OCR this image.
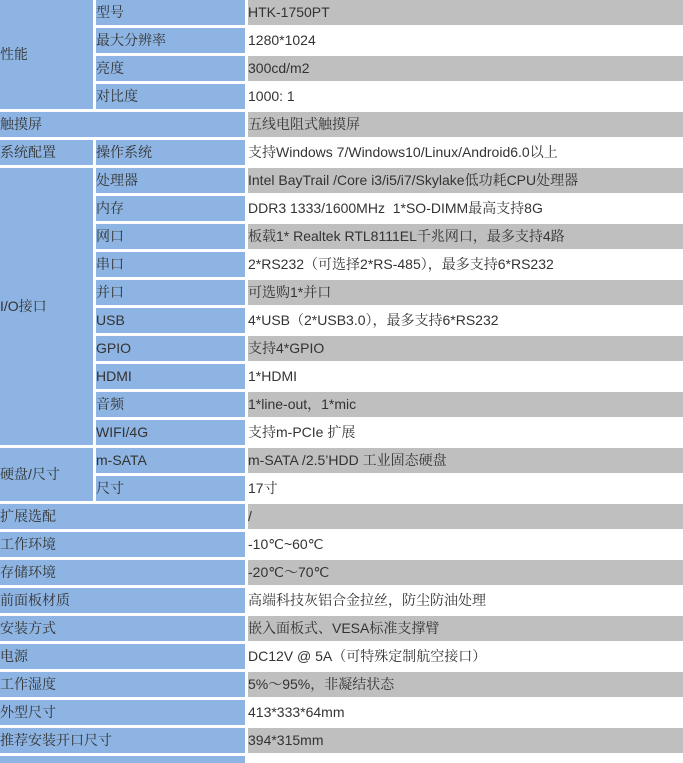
性能	型号	HTK-1750PT
	最大分辨率	1280*1024
	亮度	300cd/m2
	对比度	1000: 1
触摸屏		五线电阻式触摸屏
系统配置	操作系统	支持Windows 7/Windows10/Linux/Android6.0以上
I/O接口	处理器	Intel BayTrail /Core i3/i5/i7/Skylake低功耗CPU处理器
	内存	DDR3 1333/1600MHz  1*SO-DIMM最高支持8G
	网口	板载1* Realtek RTL8111EL千兆网口，最多支持4路
	串口	2*RS232（可选择2*RS-485），最多支持6*RS232
	并口	可选购1*并口
	USB	4*USB（2*USB3.0），最多支持6*RS232
	GPIO	支持4*GPIO
	HDMI	1*HDMI
	音频	1*line-out，1*mic
	WIFI/4G	支持m-PCIe 扩展
硬盘/尺寸	m-SATA	m-SATA /2.5’HDD 工业固态硬盘
	尺寸	17寸
扩展选配		/
工作环境		-10℃~60℃
存储环境		-20℃～70℃
前面板材质		高端科技灰铝合金拉丝，防尘防油处理
安装方式		嵌入面板式、VESA标准支撑臂
电源		DC12V @ 5A（可特殊定制航空接口）
工作湿度		5%～95%，非凝结状态
外型尺寸		413*333*64mm
推荐安装开口尺寸		394*315mm
